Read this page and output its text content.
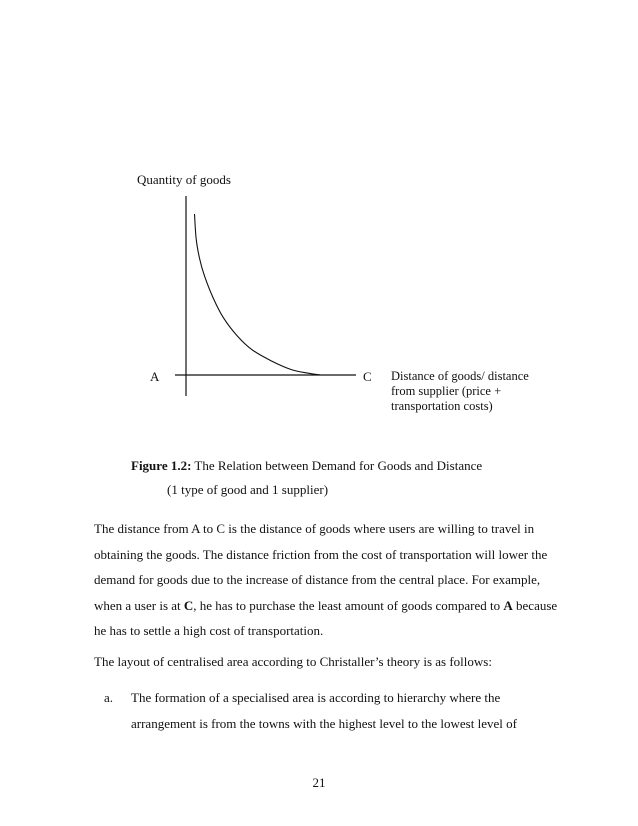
Quantity of goods
A	C Distance of goods/ distance
from supplier (price +
transportation costs)
Figure 1.2: The Relation between Demand for Goods and Distance
(1 type of good and 1 supplier)
The distance from A to C is the distance of goods where users are willing to travel in
obtaining the goods. The distance friction from the cost of transportation will lower the
demand for goods due to the increase of distance from the central place. For example,
when a user is at C, he has to purchase the least amount of goods compared to A because
he has to settle a high cost of transportation.
The layout of centralised area according to Christaller’s theory is as follows:
a. The formation of a specialised area is according to hierarchy where the
arrangement is from the towns with the highest level to the lowest level of
21
